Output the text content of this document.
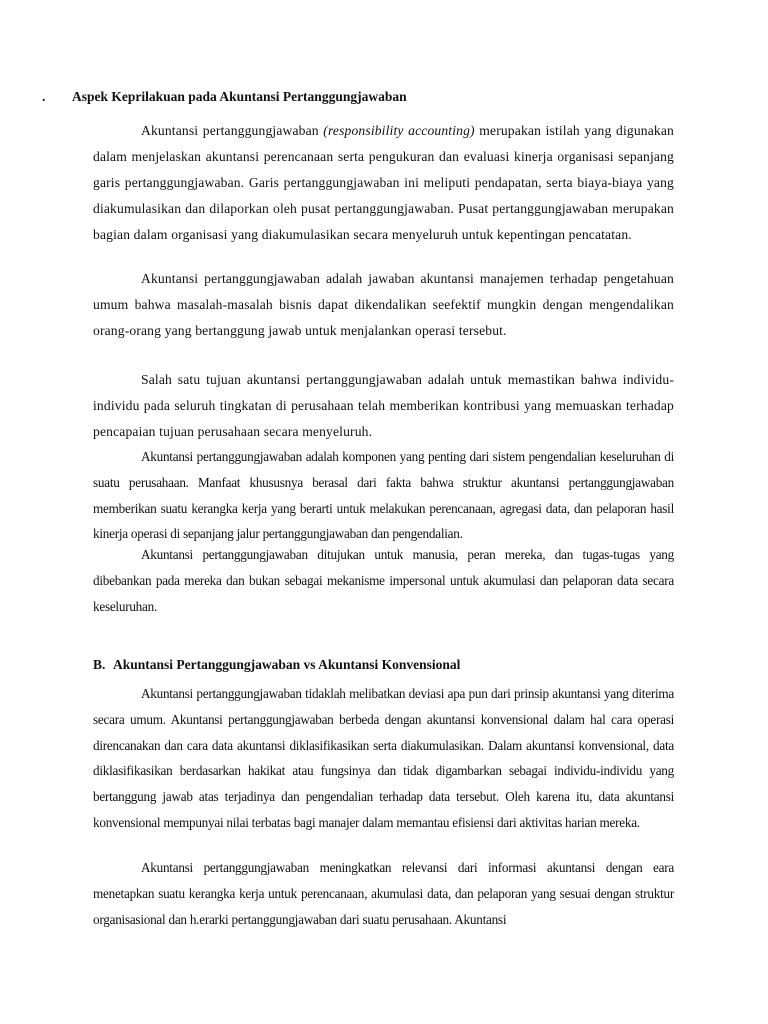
. Aspek Keprilakuan pada Akuntansi Pertanggungjawaban

Akuntansi pertanggungjawaban (responsibility accounting) merupakan istilah yang digunakan dalam menjelaskan akuntansi perencanaan serta pengukuran dan evaluasi kinerja organisasi sepanjang garis pertanggungjawaban. Garis pertanggungjawaban ini meliputi pendapatan, serta biaya-biaya yang diakumulasikan dan dilaporkan oleh pusat pertanggungjawaban. Pusat pertanggungjawaban merupakan bagian dalam organisasi yang diakumulasikan secara menyeluruh untuk kepentingan pencatatan.

Akuntansi pertanggungjawaban adalah jawaban akuntansi manajemen terhadap pengetahuan umum bahwa masalah-masalah bisnis dapat dikendalikan seefektif mungkin dengan mengendalikan orang-orang yang bertanggung jawab untuk menjalankan operasi tersebut.

Salah satu tujuan akuntansi pertanggungjawaban adalah untuk memastikan bahwa individu-individu pada seluruh tingkatan di perusahaan telah memberikan kontribusi yang memuaskan terhadap pencapaian tujuan perusahaan secara menyeluruh.

Akuntansi pertanggungjawaban adalah komponen yang penting dari sistem pengendalian keseluruhan di suatu perusahaan. Manfaat khususnya berasal dari fakta bahwa struktur akuntansi pertanggungjawaban memberikan suatu kerangka kerja yang berarti untuk melakukan perencanaan, agregasi data, dan pelaporan hasil kinerja operasi di sepanjang jalur pertanggungjawaban dan pengendalian.

Akuntansi pertanggungjawaban ditujukan untuk manusia, peran mereka, dan tugas-tugas yang dibebankan pada mereka dan bukan sebagai mekanisme impersonal untuk akumulasi dan pelaporan data secara keseluruhan.

B. Akuntansi Pertanggungjawaban vs Akuntansi Konvensional

Akuntansi pertanggungjawaban tidaklah melibatkan deviasi apa pun dari prinsip akuntansi yang diterima secara umum. Akuntansi pertanggungjawaban berbeda dengan akuntansi konvensional dalam hal cara operasi direncanakan dan cara data akuntansi diklasifikasikan serta diakumulasikan. Dalam akuntansi konvensional, data diklasifikasikan berdasarkan hakikat atau fungsinya dan tidak digambarkan sebagai individu-individu yang bertanggung jawab atas terjadinya dan pengendalian terhadap data tersebut. Oleh karena itu, data akuntansi konvensional mempunyai nilai terbatas bagi manajer dalam memantau efisiensi dari aktivitas harian mereka.

Akuntansi pertanggungjawaban meningkatkan relevansi dari informasi akuntansi dengan eara menetapkan suatu kerangka kerja untuk perencanaan, akumulasi data, dan pelaporan yang sesuai dengan struktur organisasional dan h.erarki pertanggungjawaban dari suatu perusahaan. Akuntansi
